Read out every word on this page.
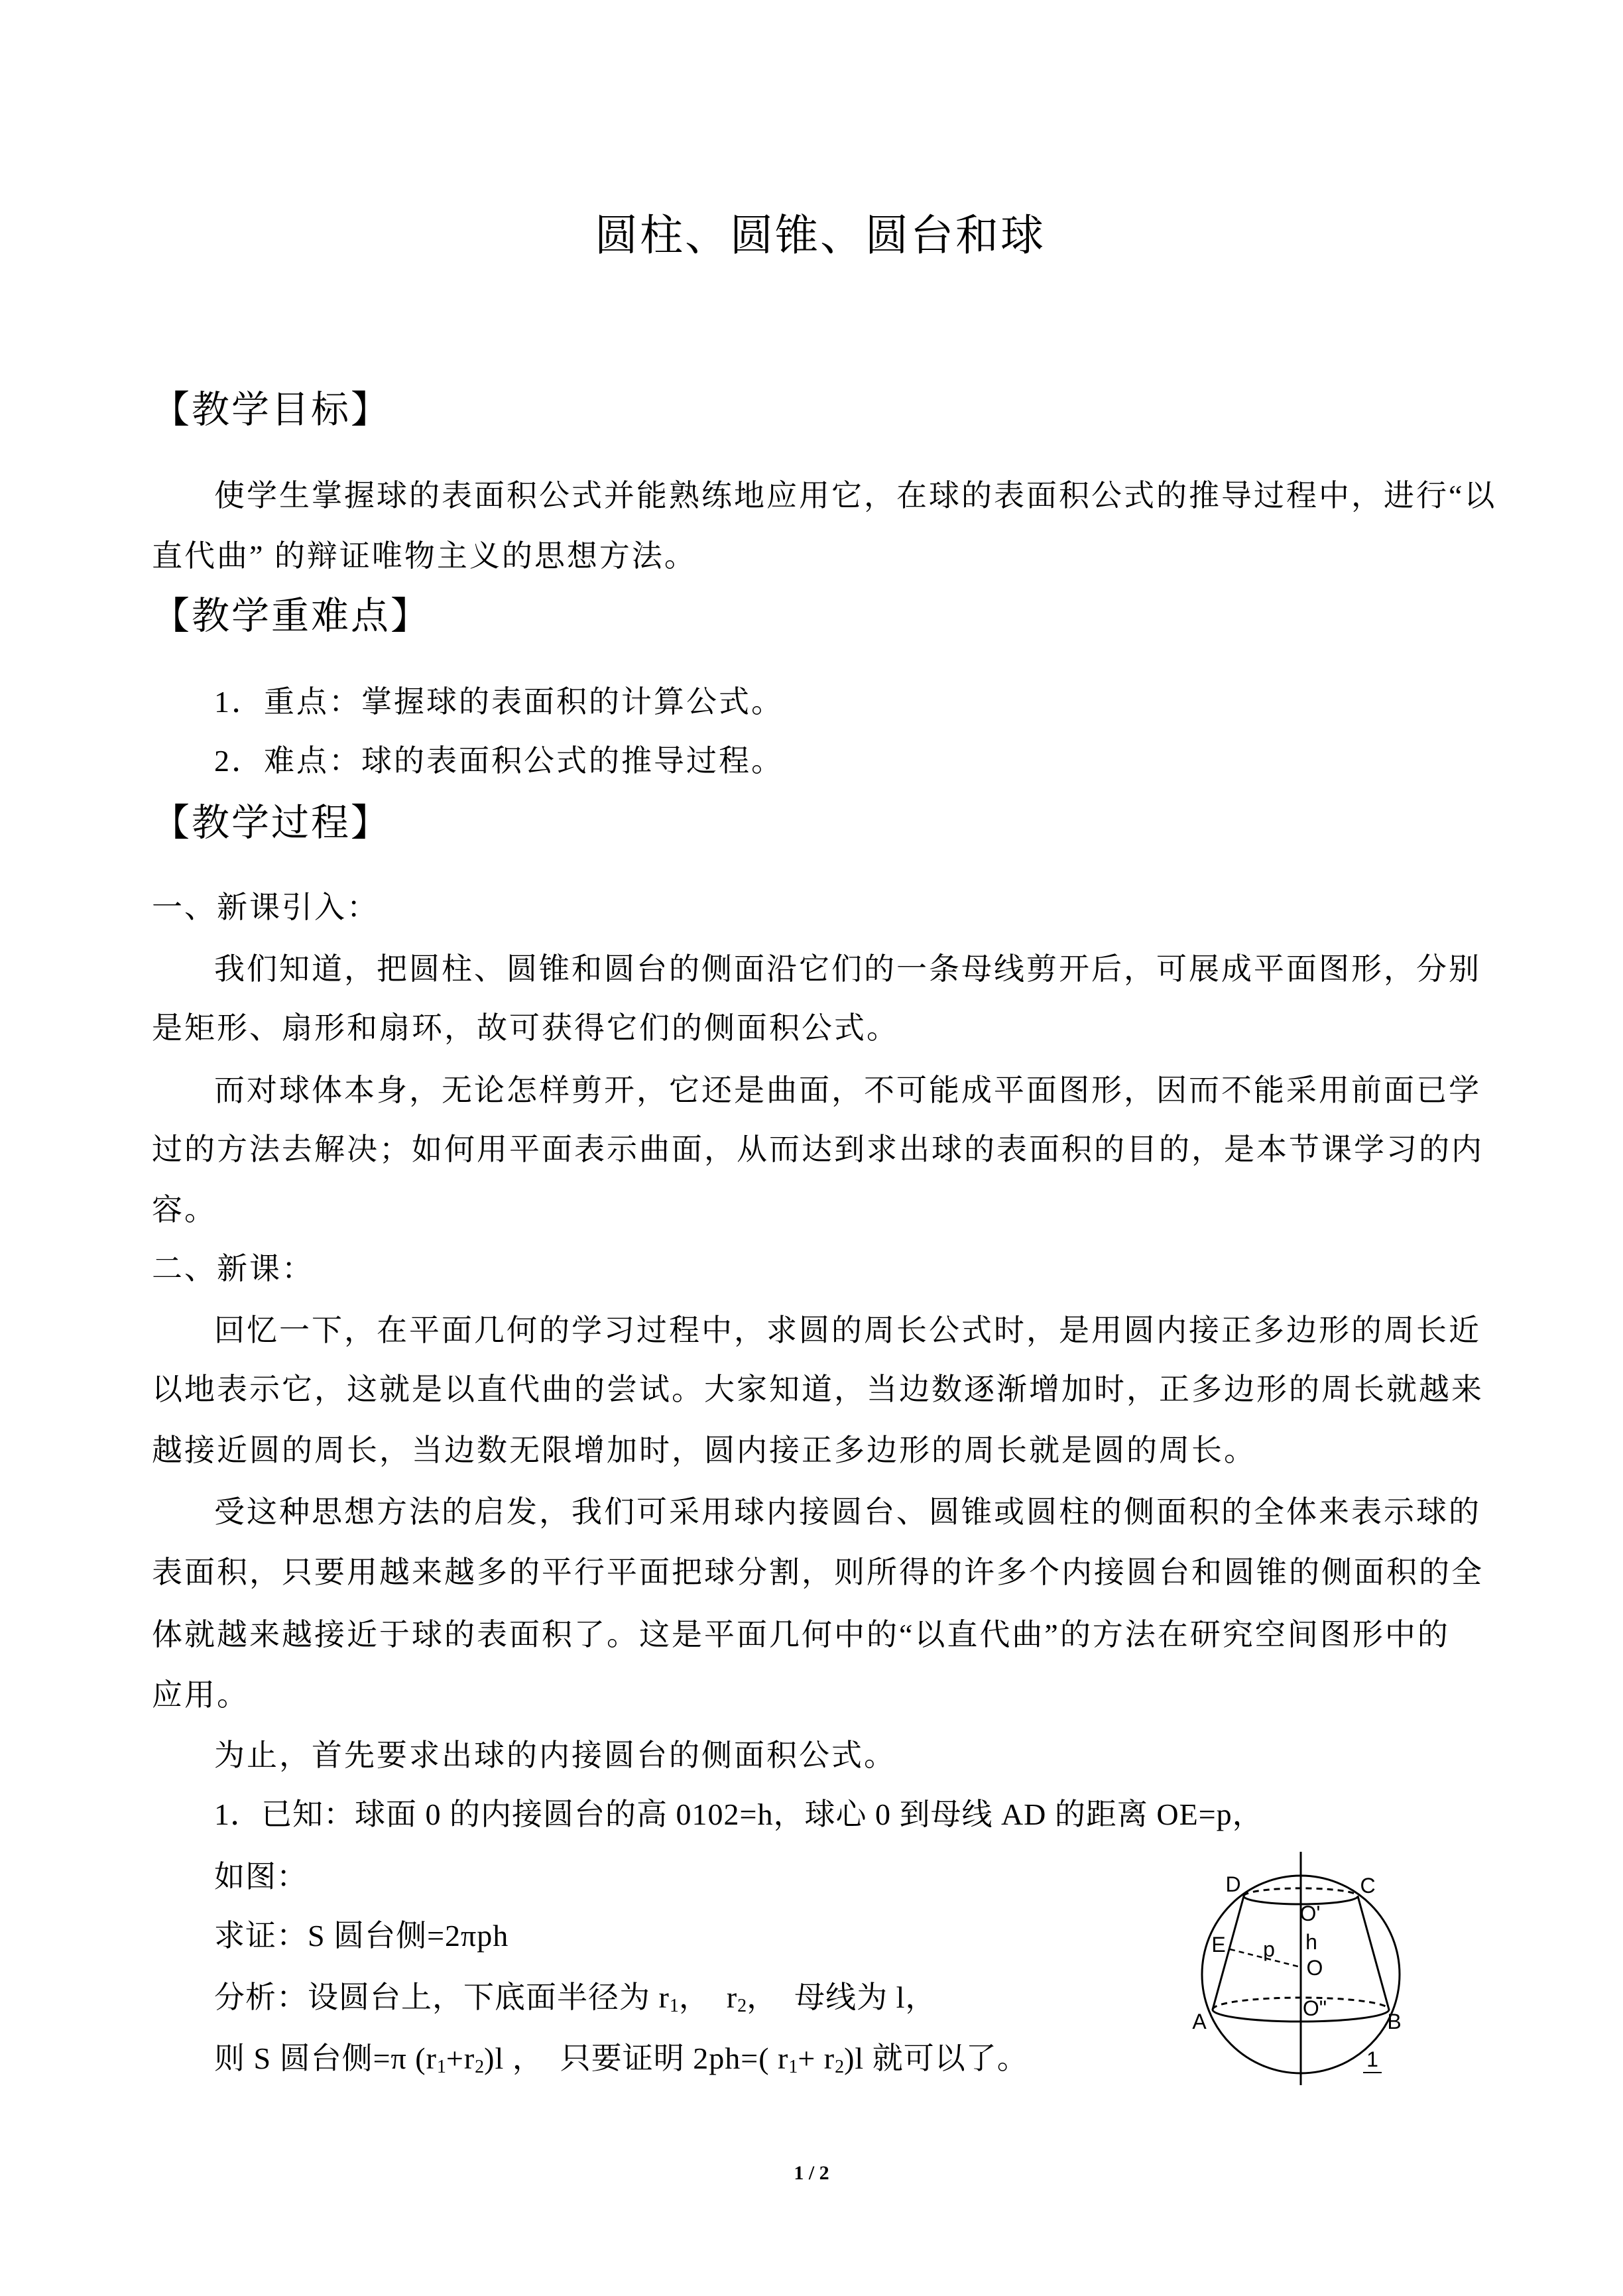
圆柱、圆锥、圆台和球
【教学目标】
使学生掌握球的表面积公式并能熟练地应用它，在球的表面积公式的推导过程中，进行“以
直代曲” 的辩证唯物主义的思想方法。
【教学重难点】
1．重点：掌握球的表面积的计算公式。
2．难点：球的表面积公式的推导过程。
【教学过程】
一、新课引入：
我们知道，把圆柱、圆锥和圆台的侧面沿它们的一条母线剪开后，可展成平面图形，分别
是矩形、扇形和扇环，故可获得它们的侧面积公式。
而对球体本身，无论怎样剪开，它还是曲面，不可能成平面图形，因而不能采用前面已学
过的方法去解决；如何用平面表示曲面，从而达到求出球的表面积的目的，是本节课学习的内
容。
二、新课：
回忆一下，在平面几何的学习过程中，求圆的周长公式时，是用圆内接正多边形的周长近
以地表示它，这就是以直代曲的尝试。大家知道，当边数逐渐增加时，正多边形的周长就越来
越接近圆的周长，当边数无限增加时，圆内接正多边形的周长就是圆的周长。
受这种思想方法的启发，我们可采用球内接圆台、圆锥或圆柱的侧面积的全体来表示球的
表面积，只要用越来越多的平行平面把球分割，则所得的许多个内接圆台和圆锥的侧面积的全
体就越来越接近于球的表面积了。这是平面几何中的“以直代曲”的方法在研究空间图形中的
应用。
为止，首先要求出球的内接圆台的侧面积公式。
1．已知：球面 0 的内接圆台的高 0102=h，球心 0 到母线 AD 的距离 OE=p，
如图：
求证：S 圆台侧=2πph
分析：设圆台上，下底面半径为 $r_1$，  $r_2$，  母线为 l，
则 S 圆台侧=π $(r_1+r_2)l$ ，  只要证明 2ph=( $r_1+ r_2)l$ 就可以了。
D	C
O'
h
O
E p
A
O"
B
1
1 / 2
